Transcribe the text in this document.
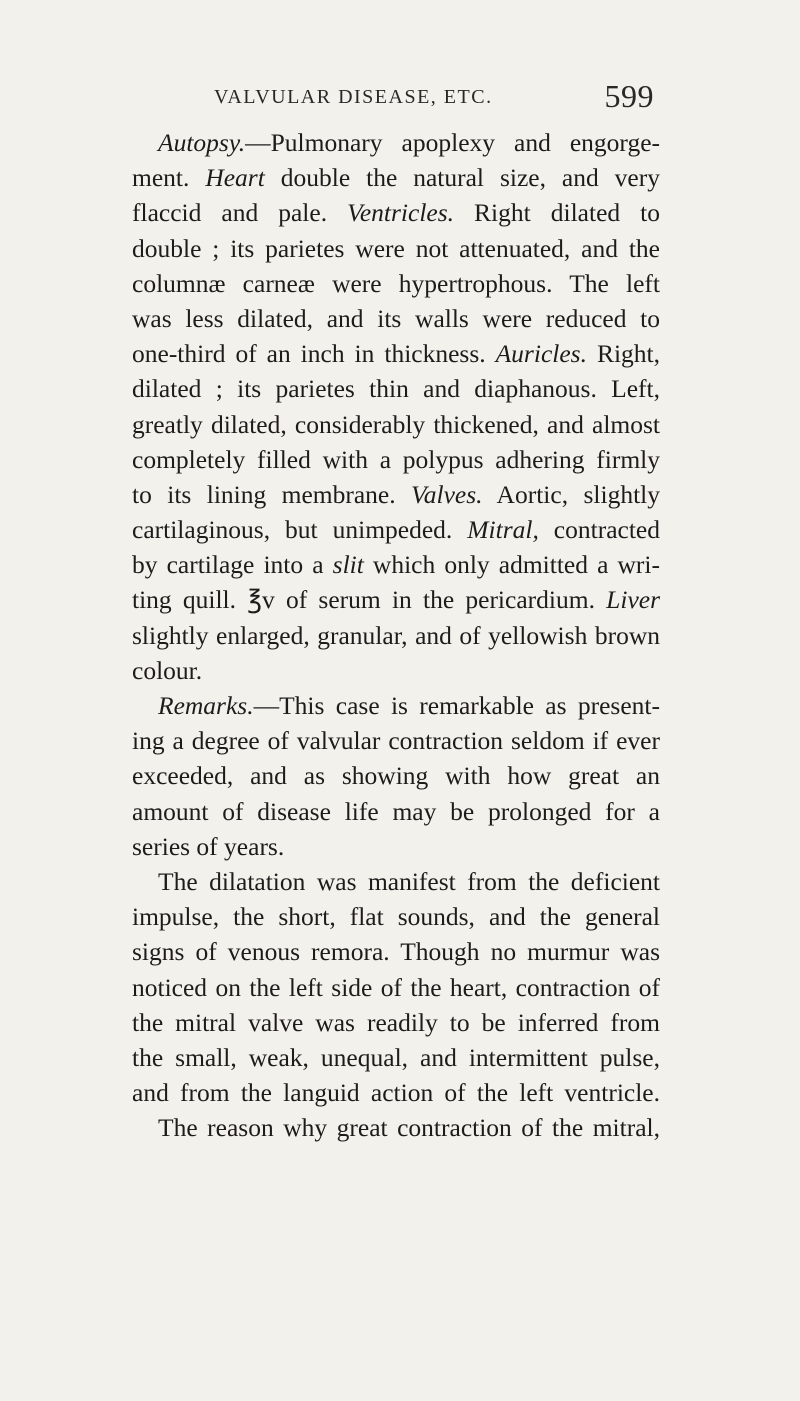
VALVULAR DISEASE, ETC.	599
Autopsy.—Pulmonary apoplexy and engorge-
ment. Heart double the natural size, and very
flaccid and pale. Ventricles. Right dilated to
double ; its parietes were not attenuated, and the
columnæ carneæ were hypertrophous. The left
was less dilated, and its walls were reduced to
one-third of an inch in thickness. Auricles. Right,
dilated ; its parietes thin and diaphanous. Left,
greatly dilated, considerably thickened, and almost
completely filled with a polypus adhering firmly
to its lining membrane. Valves. Aortic, slightly
cartilaginous, but unimpeded. Mitral, contracted
by cartilage into a slit which only admitted a wri-
ting quill. ℥v of serum in the pericardium. Liver
slightly enlarged, granular, and of yellowish brown
colour.
Remarks.—This case is remarkable as present-
ing a degree of valvular contraction seldom if ever
exceeded, and as showing with how great an
amount of disease life may be prolonged for a
series of years.
The dilatation was manifest from the deficient
impulse, the short, flat sounds, and the general
signs of venous remora. Though no murmur was
noticed on the left side of the heart, contraction of
the mitral valve was readily to be inferred from
the small, weak, unequal, and intermittent pulse,
and from the languid action of the left ventricle.
The reason why great contraction of the mitral,
